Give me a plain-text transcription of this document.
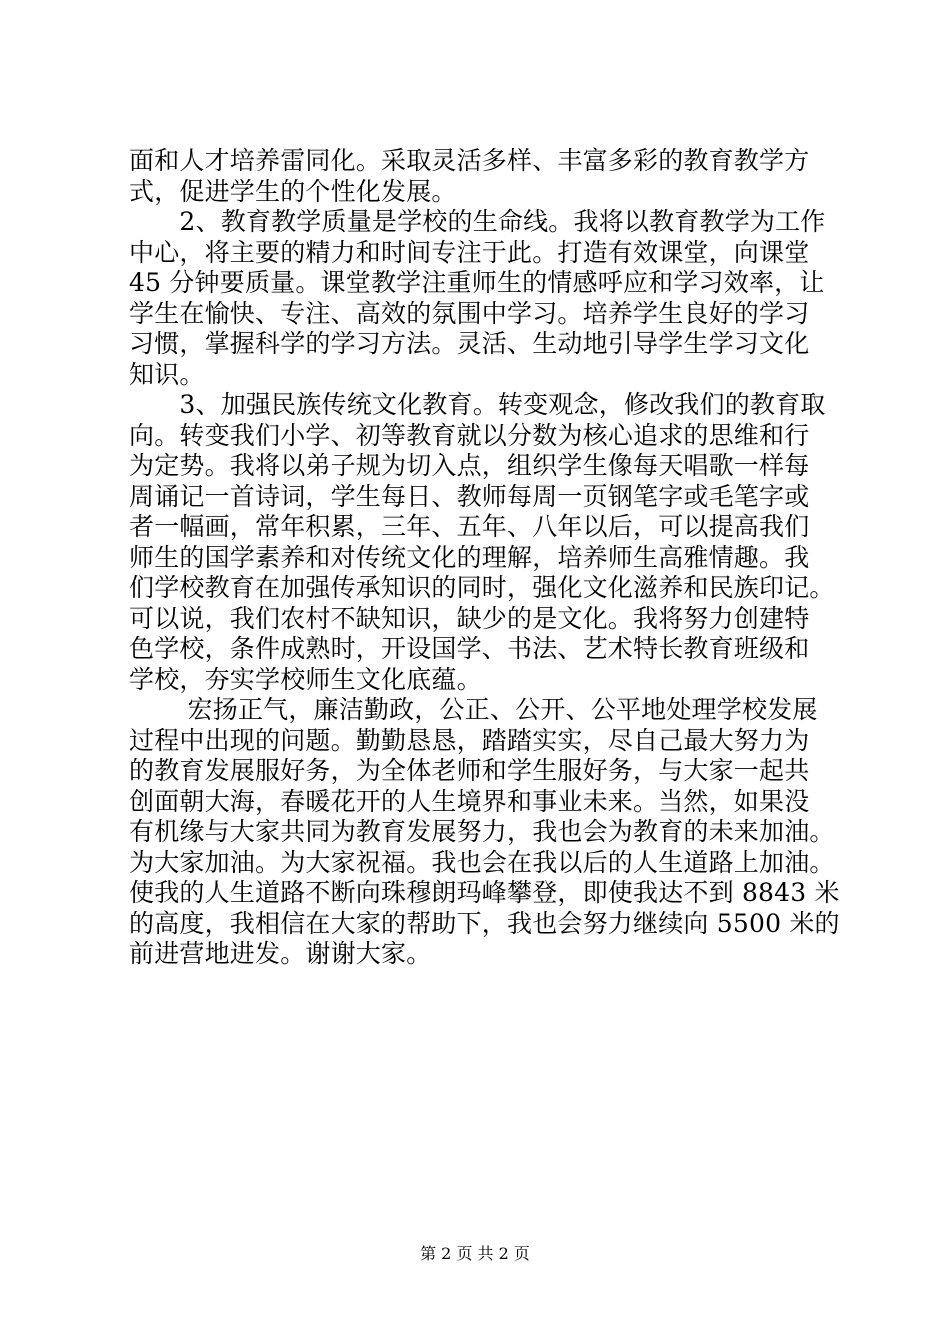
面和人才培养雷同化。采取灵活多样、丰富多彩的教育教学方
式，促进学生的个性化发展。
　　2、教育教学质量是学校的生命线。我将以教育教学为工作
中心，将主要的精力和时间专注于此。打造有效课堂，向课堂
45 分钟要质量。课堂教学注重师生的情感呼应和学习效率，让
学生在愉快、专注、高效的氛围中学习。培养学生良好的学习
习惯，掌握科学的学习方法。灵活、生动地引导学生学习文化
知识。
　　3、加强民族传统文化教育。转变观念，修改我们的教育取
向。转变我们小学、初等教育就以分数为核心追求的思维和行
为定势。我将以弟子规为切入点，组织学生像每天唱歌一样每
周诵记一首诗词，学生每日、教师每周一页钢笔字或毛笔字或
者一幅画，常年积累，三年、五年、八年以后，可以提高我们
师生的国学素养和对传统文化的理解，培养师生高雅情趣。我
们学校教育在加强传承知识的同时，强化文化滋养和民族印记。
可以说，我们农村不缺知识，缺少的是文化。我将努力创建特
色学校，条件成熟时，开设国学、书法、艺术特长教育班级和
学校，夯实学校师生文化底蕴。
　　 宏扬正气，廉洁勤政，公正、公开、公平地处理学校发展
过程中出现的问题。勤勤恳恳，踏踏实实，尽自己最大努力为
的教育发展服好务，为全体老师和学生服好务，与大家一起共
创面朝大海，春暖花开的人生境界和事业未来。当然，如果没
有机缘与大家共同为教育发展努力，我也会为教育的未来加油。
为大家加油。为大家祝福。我也会在我以后的人生道路上加油。
使我的人生道路不断向珠穆朗玛峰攀登，即使我达不到 8843 米
的高度，我相信在大家的帮助下，我也会努力继续向 5500 米的
前进营地进发。谢谢大家。
第 2 页 共 2 页
